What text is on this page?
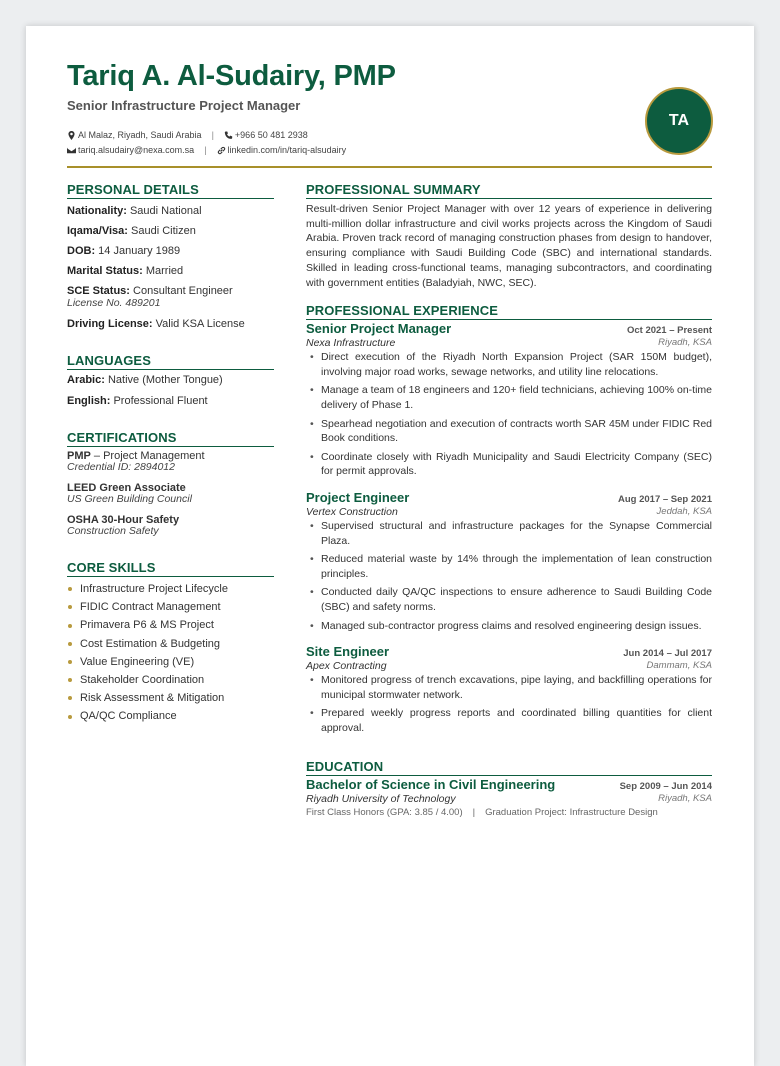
Tariq A. Al-Sudairy, PMP
Senior Infrastructure Project Manager
Al Malaz, Riyadh, Saudi Arabia | +966 50 481 2938
tariq.alsudairy@nexa.com.sa | linkedin.com/in/tariq-alsudairy
TA
PERSONAL DETAILS
Nationality: Saudi National
Iqama/Visa: Saudi Citizen
DOB: 14 January 1989
Marital Status: Married
SCE Status: Consultant Engineer
License No. 489201
Driving License: Valid KSA License
LANGUAGES
Arabic: Native (Mother Tongue)
English: Professional Fluent
CERTIFICATIONS
PMP – Project Management
Credential ID: 2894012
LEED Green Associate
US Green Building Council
OSHA 30-Hour Safety
Construction Safety
CORE SKILLS
Infrastructure Project Lifecycle
FIDIC Contract Management
Primavera P6 & MS Project
Cost Estimation & Budgeting
Value Engineering (VE)
Stakeholder Coordination
Risk Assessment & Mitigation
QA/QC Compliance
PROFESSIONAL SUMMARY
Result-driven Senior Project Manager with over 12 years of experience in delivering multi-million dollar infrastructure and civil works projects across the Kingdom of Saudi Arabia. Proven track record of managing construction phases from design to handover, ensuring compliance with Saudi Building Code (SBC) and international standards. Skilled in leading cross-functional teams, managing subcontractors, and coordinating with government entities (Baladyiah, NWC, SEC).
PROFESSIONAL EXPERIENCE
Senior Project Manager	Oct 2021 – Present
Nexa Infrastructure	Riyadh, KSA
• Direct execution of the Riyadh North Expansion Project (SAR 150M budget), involving major road works, sewage networks, and utility line relocations.
• Manage a team of 18 engineers and 120+ field technicians, achieving 100% on-time delivery of Phase 1.
• Spearhead negotiation and execution of contracts worth SAR 45M under FIDIC Red Book conditions.
• Coordinate closely with Riyadh Municipality and Saudi Electricity Company (SEC) for permit approvals.
Project Engineer	Aug 2017 – Sep 2021
Vertex Construction	Jeddah, KSA
• Supervised structural and infrastructure packages for the Synapse Commercial Plaza.
• Reduced material waste by 14% through the implementation of lean construction principles.
• Conducted daily QA/QC inspections to ensure adherence to Saudi Building Code (SBC) and safety norms.
• Managed sub-contractor progress claims and resolved engineering design issues.
Site Engineer	Jun 2014 – Jul 2017
Apex Contracting	Dammam, KSA
• Monitored progress of trench excavations, pipe laying, and backfilling operations for municipal stormwater network.
• Prepared weekly progress reports and coordinated billing quantities for client approval.
EDUCATION
Bachelor of Science in Civil Engineering	Sep 2009 – Jun 2014
Riyadh University of Technology	Riyadh, KSA
First Class Honors (GPA: 3.85 / 4.00) | Graduation Project: Infrastructure Design
